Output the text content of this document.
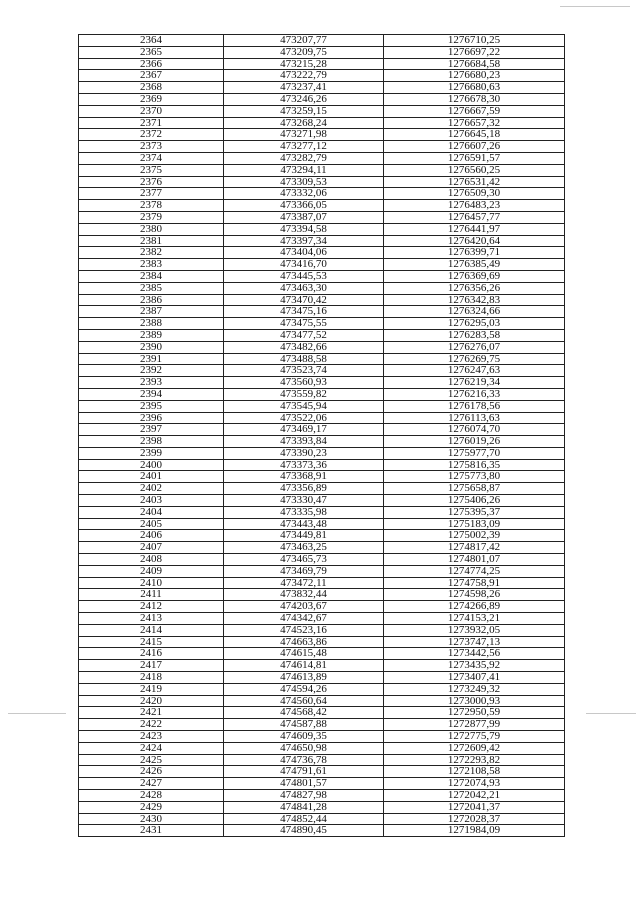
2364	473207,77	1276710,25
2365	473209,75	1276697,22
2366	473215,28	1276684,58
2367	473222,79	1276680,23
2368	473237,41	1276680,63
2369	473246,26	1276678,30
2370	473259,15	1276667,59
2371	473268,24	1276657,32
2372	473271,98	1276645,18
2373	473277,12	1276607,26
2374	473282,79	1276591,57
2375	473294,11	1276560,25
2376	473309,53	1276531,42
2377	473332,06	1276509,30
2378	473366,05	1276483,23
2379	473387,07	1276457,77
2380	473394,58	1276441,97
2381	473397,34	1276420,64
2382	473404,06	1276399,71
2383	473416,70	1276385,49
2384	473445,53	1276369,69
2385	473463,30	1276356,26
2386	473470,42	1276342,83
2387	473475,16	1276324,66
2388	473475,55	1276295,03
2389	473477,52	1276283,58
2390	473482,66	1276276,07
2391	473488,58	1276269,75
2392	473523,74	1276247,63
2393	473560,93	1276219,34
2394	473559,82	1276216,33
2395	473545,94	1276178,56
2396	473522,06	1276113,63
2397	473469,17	1276074,70
2398	473393,84	1276019,26
2399	473390,23	1275977,70
2400	473373,36	1275816,35
2401	473368,91	1275773,80
2402	473356,89	1275658,87
2403	473330,47	1275406,26
2404	473335,98	1275395,37
2405	473443,48	1275183,09
2406	473449,81	1275002,39
2407	473463,25	1274817,42
2408	473465,73	1274801,07
2409	473469,79	1274774,25
2410	473472,11	1274758,91
2411	473832,44	1274598,26
2412	474203,67	1274266,89
2413	474342,67	1274153,21
2414	474523,16	1273932,05
2415	474663,86	1273747,13
2416	474615,48	1273442,56
2417	474614,81	1273435,92
2418	474613,89	1273407,41
2419	474594,26	1273249,32
2420	474560,64	1273000,93
2421	474568,42	1272950,59
2422	474587,88	1272877,99
2423	474609,35	1272775,79
2424	474650,98	1272609,42
2425	474736,78	1272293,82
2426	474791,61	1272108,58
2427	474801,57	1272074,93
2428	474827,98	1272042,21
2429	474841,28	1272041,37
2430	474852,44	1272028,37
2431	474890,45	1271984,09
